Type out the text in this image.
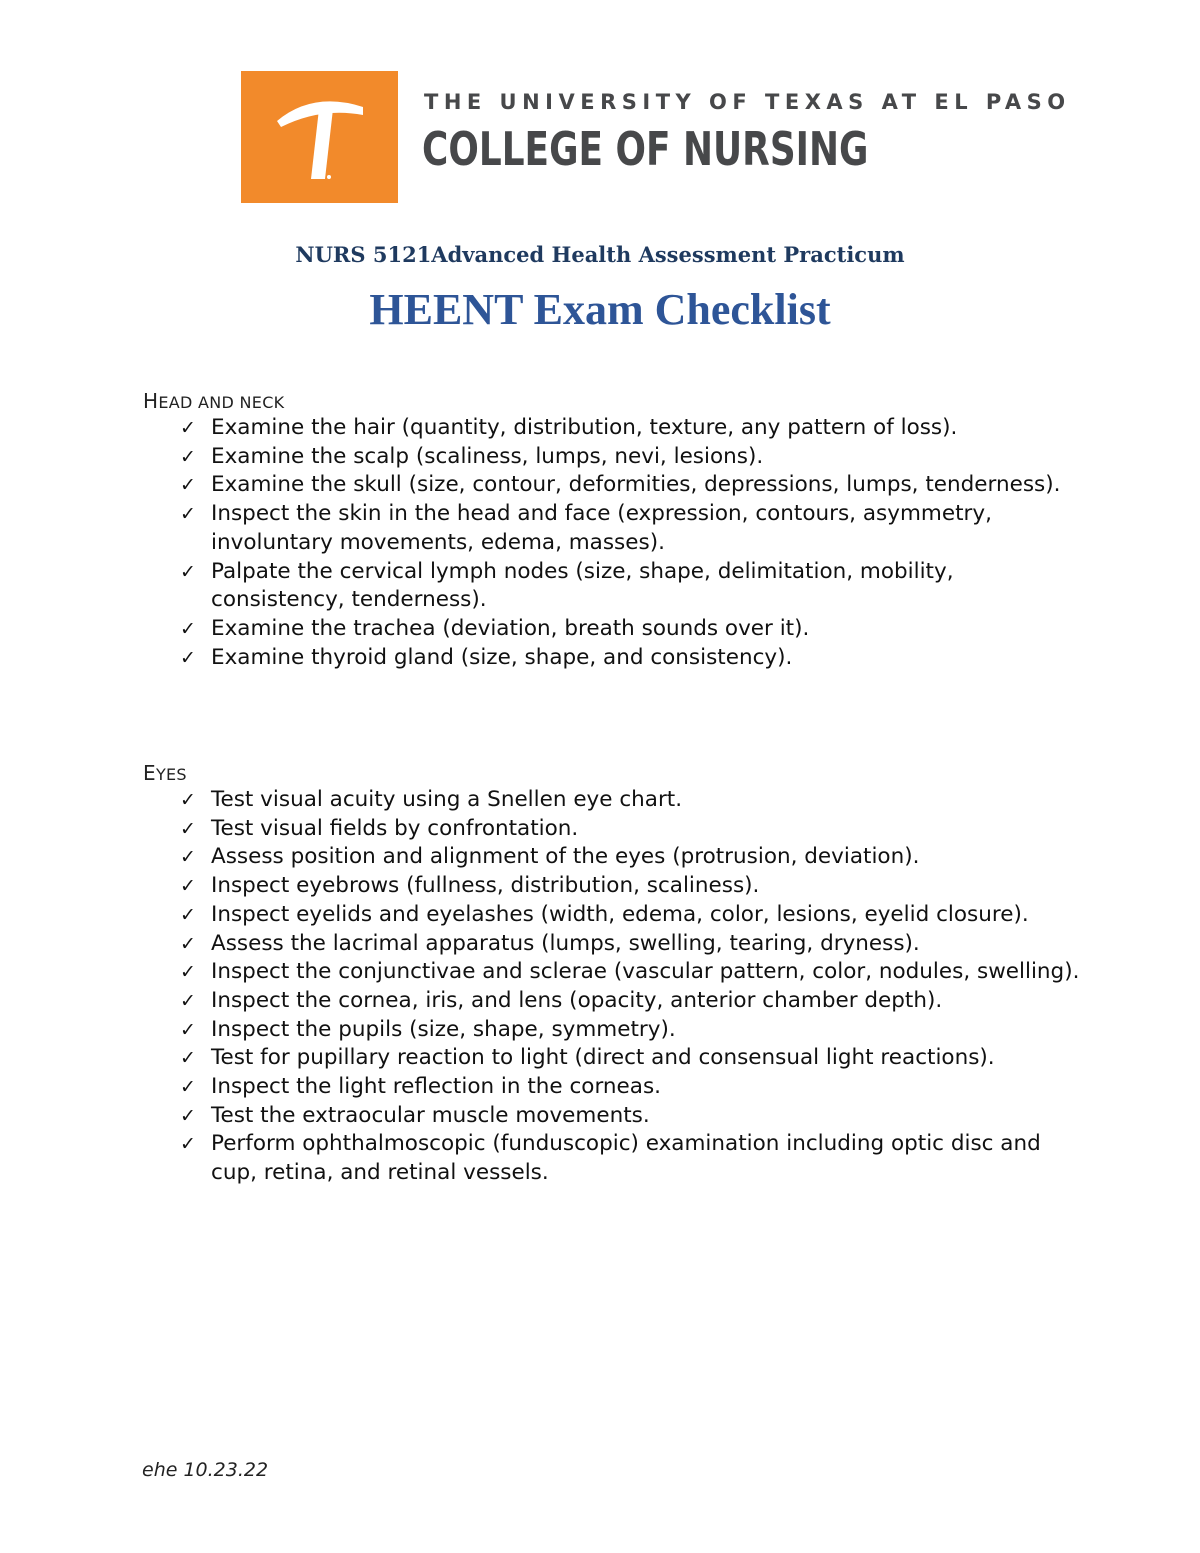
THE UNIVERSITY OF TEXAS AT EL PASO
COLLEGE OF NURSING
NURS 5121Advanced Health Assessment Practicum
HEENT Exam Checklist
HEAD AND NECK
✓ Examine the hair (quantity, distribution, texture, any pattern of loss).
✓ Examine the scalp (scaliness, lumps, nevi, lesions).
✓ Examine the skull (size, contour, deformities, depressions, lumps, tenderness).
✓ Inspect the skin in the head and face (expression, contours, asymmetry, involuntary movements, edema, masses).
✓ Palpate the cervical lymph nodes (size, shape, delimitation, mobility, consistency, tenderness).
✓ Examine the trachea (deviation, breath sounds over it).
✓ Examine thyroid gland (size, shape, and consistency).
EYES
✓ Test visual acuity using a Snellen eye chart.
✓ Test visual fields by confrontation.
✓ Assess position and alignment of the eyes (protrusion, deviation).
✓ Inspect eyebrows (fullness, distribution, scaliness).
✓ Inspect eyelids and eyelashes (width, edema, color, lesions, eyelid closure).
✓ Assess the lacrimal apparatus (lumps, swelling, tearing, dryness).
✓ Inspect the conjunctivae and sclerae (vascular pattern, color, nodules, swelling).
✓ Inspect the cornea, iris, and lens (opacity, anterior chamber depth).
✓ Inspect the pupils (size, shape, symmetry).
✓ Test for pupillary reaction to light (direct and consensual light reactions).
✓ Inspect the light reflection in the corneas.
✓ Test the extraocular muscle movements.
✓ Perform ophthalmoscopic (funduscopic) examination including optic disc and cup, retina, and retinal vessels.
ehe 10.23.22
